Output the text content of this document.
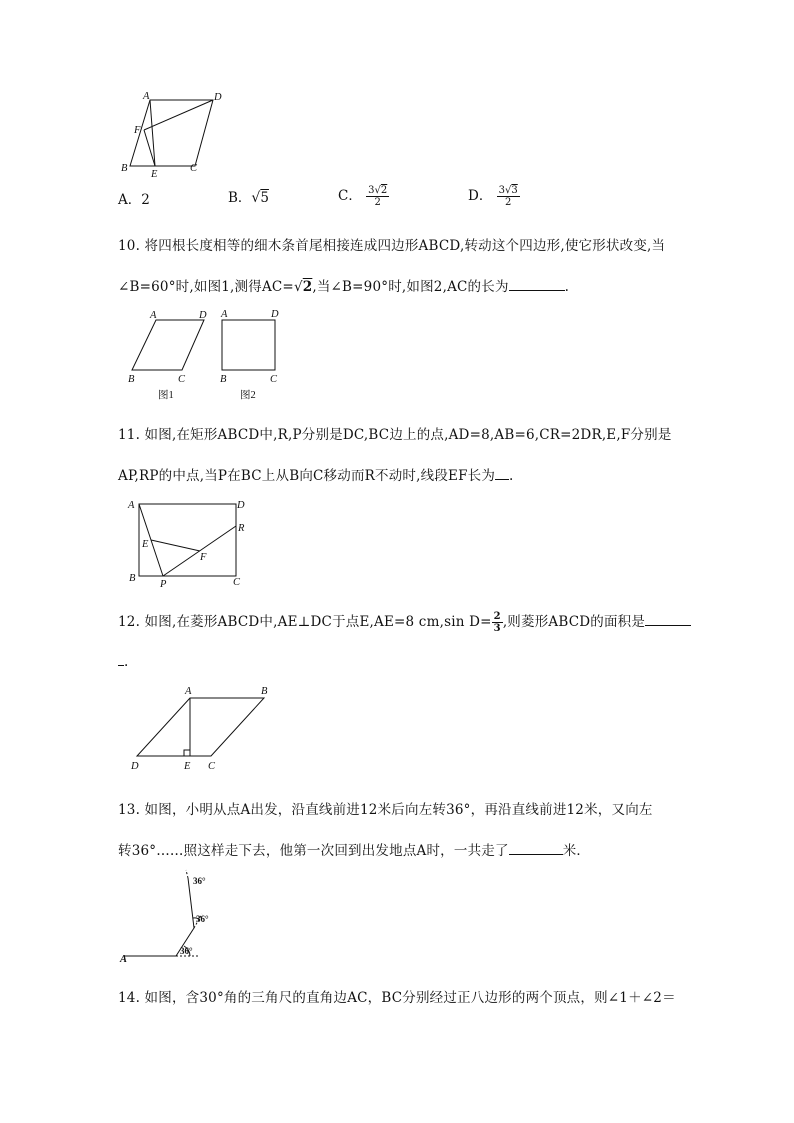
A	D
F
B
E
C
A．2	B．√5	C． $\frac{3√2}{2}$	D． $\frac{3√3}{2}$
10. 将四根长度相等的细木条首尾相接连成四边形ABCD,转动这个四边形,使它形状改变,当
∠B=60°时,如图1,测得AC=√2,当∠B=90°时,如图2,AC的长为	.
A	D
B	C
A	D
B	C
图1	图2
11. 如图,在矩形ABCD中,R,P分别是DC,BC边上的点,AD=8,AB=6,CR=2DR,E,F分别是
AP,RP的中点,当P在BC上从B向C移动而R不动时,线段EF长为 .
A	D
R
E
F
B
P	C
12. 如图,在菱形ABCD中,AE⊥DC于点E,AE=8 cm,sin $D= \frac{2}{3}$ ,则菱形ABCD的面积是
.
A	B
D	E C
13. 如图，小明从点A出发，沿直线前进12米后向左转36°，再沿直线前进12米，又向左
转36°……照这样走下去，他第一次回到出发地点A时，一共走了	米．
36°
36°
36°
A
14. 如图，含30°角的三角尺的直角边AC，BC分别经过正八边形的两个顶点，则∠1＋∠2＝
